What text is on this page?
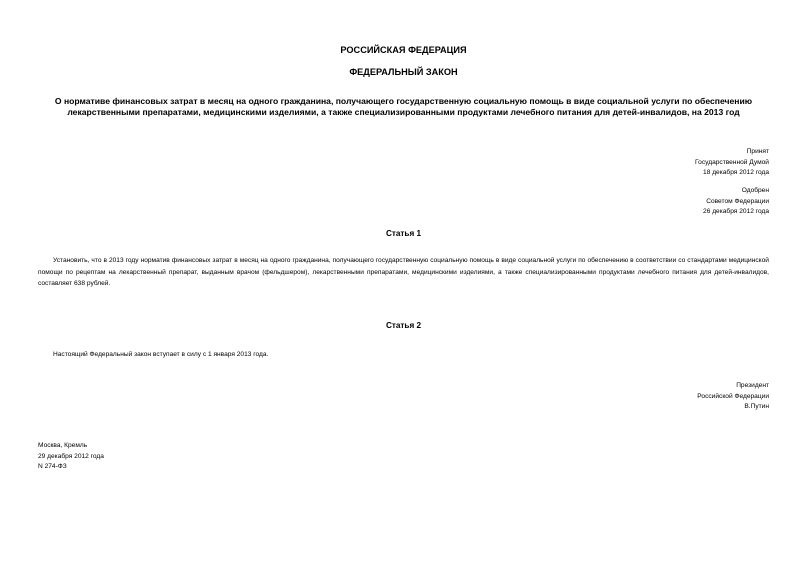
РОССИЙСКАЯ ФЕДЕРАЦИЯ
ФЕДЕРАЛЬНЫЙ ЗАКОН
О нормативе финансовых затрат в месяц на одного гражданина, получающего государственную социальную помощь в виде социальной услуги по обеспечению
лекарственными препаратами, медицинскими изделиями, а также специализированными продуктами лечебного питания для детей-инвалидов, на 2013 год
Принят
Государственной Думой
18 декабря 2012 года
Одобрен
Советом Федерации
26 декабря 2012 года
Статья 1
Установить, что в 2013 году норматив финансовых затрат в месяц на одного гражданина, получающего государственную социальную помощь в виде социальной услуги по обеспечению в соответствии со стандартами медицинской помощи по рецептам на лекарственный препарат, выданным врачом (фельдшером), лекарственными препаратами, медицинскими изделиями, а также специализированными продуктами лечебного питания для детей-инвалидов, составляет 638 рублей.
Статья 2
Настоящий Федеральный закон вступает в силу с 1 января 2013 года.
Президент
Российской Федерации
В.Путин
Москва, Кремль
29 декабря 2012 года
N 274-ФЗ
